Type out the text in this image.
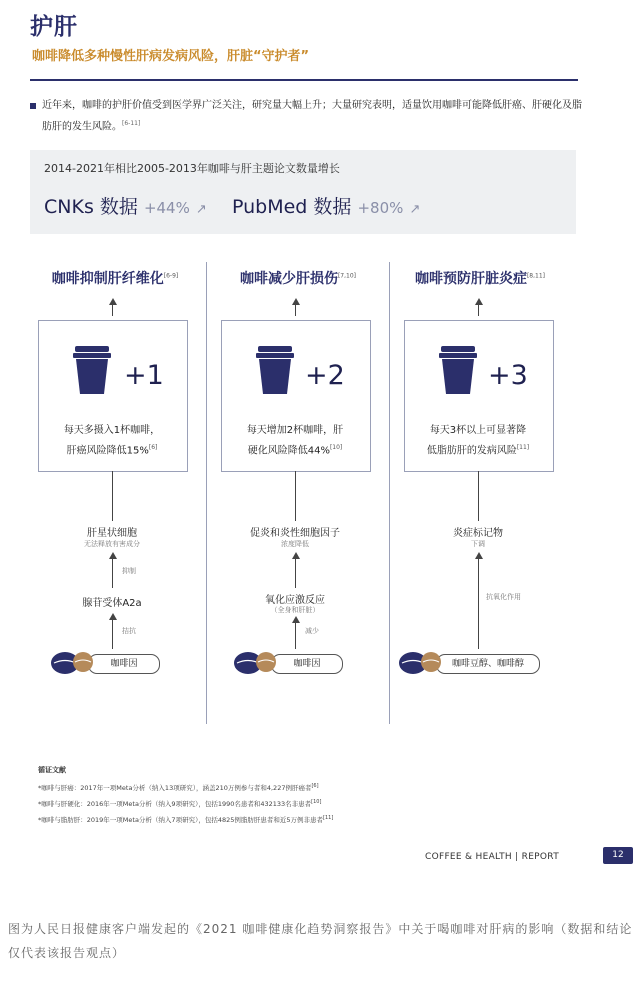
护肝
咖啡降低多种慢性肝病发病风险，肝脏“守护者”
近年来，咖啡的护肝价值受到医学界广泛关注，研究量大幅上升；大量研究表明，适量饮用咖啡可能降低肝癌、肝硬化及脂肪肝的发生风险。[6-11]
2014-2021年相比2005-2013年咖啡与肝主题论文数量增长
CNKs 数据 +44% ↗ PubMed 数据 +80% ↗
咖啡抑制肝纤维化[6-9]	咖啡减少肝损伤[7,10]	咖啡预防肝脏炎症[8,11]
+1	+2	+3
每天多摄入1杯咖啡，
肝癌风险降低15%[6]
每天增加2杯咖啡，肝
硬化风险降低44%[10]
每天3杯以上可显著降
低脂肪肝的发病风险[11]
肝星状细胞
无法释放有害成分
抑制
腺苷受体A2a
拮抗
促炎和炎性细胞因子
浓度降低
氧化应激反应
（全身和肝脏）
减少
炎症标记物
下调
抗氧化作用
咖啡因	咖啡因	咖啡豆醇、咖啡醇
循证文献
*咖啡与肝癌：2017年一项Meta分析（纳入13项研究），涵盖210万例参与者和4,227例肝癌者[6]
*咖啡与肝硬化：2016年一项Meta分析（纳入9项研究），包括1990名患者和432133名非患者[10]
*咖啡与脂肪肝：2019年一项Meta分析（纳入7项研究），包括4825例脂肪肝患者和近5万例非患者[11]
COFFEE & HEALTH | REPORT	12
图为人民日报健康客户端发起的《2021 咖啡健康化趋势洞察报告》中关于喝咖啡对肝病的影响（数据和结论仅代表该报告观点）
